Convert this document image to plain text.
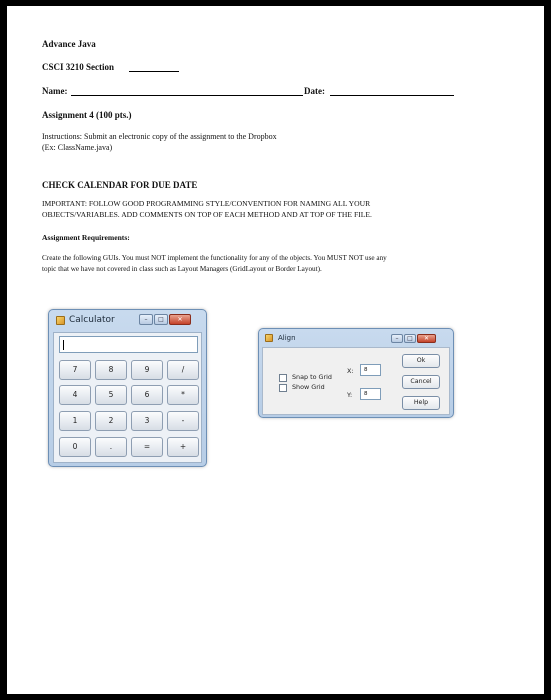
Advance Java
CSCI 3210 Section
Name:	Date:
Assignment 4 (100 pts.)
Instructions: Submit an electronic copy of the assignment to the Dropbox
(Ex: ClassName.java)
CHECK CALENDAR FOR DUE DATE
IMPORTANT: FOLLOW GOOD PROGRAMMING STYLE/CONVENTION FOR NAMING ALL YOUR
OBJECTS/VARIABLES. ADD COMMENTS ON TOP OF EACH METHOD AND AT TOP OF THE FILE.
Assignment Requirements:
Create the following GUIs. You must NOT implement the functionality for any of the objects. You MUST NOT use any
topic that we have not covered in class such as Layout Managers (GridLayout or Border Layout).
Calculator	–	□	✕
7	8	9	/
4	5	6	*
1	2	3	-
0	.	=	+
Align	–	□	✕
Snap to Grid
Show Grid
X:	8
Y:	8
Ok
Cancel
Help
